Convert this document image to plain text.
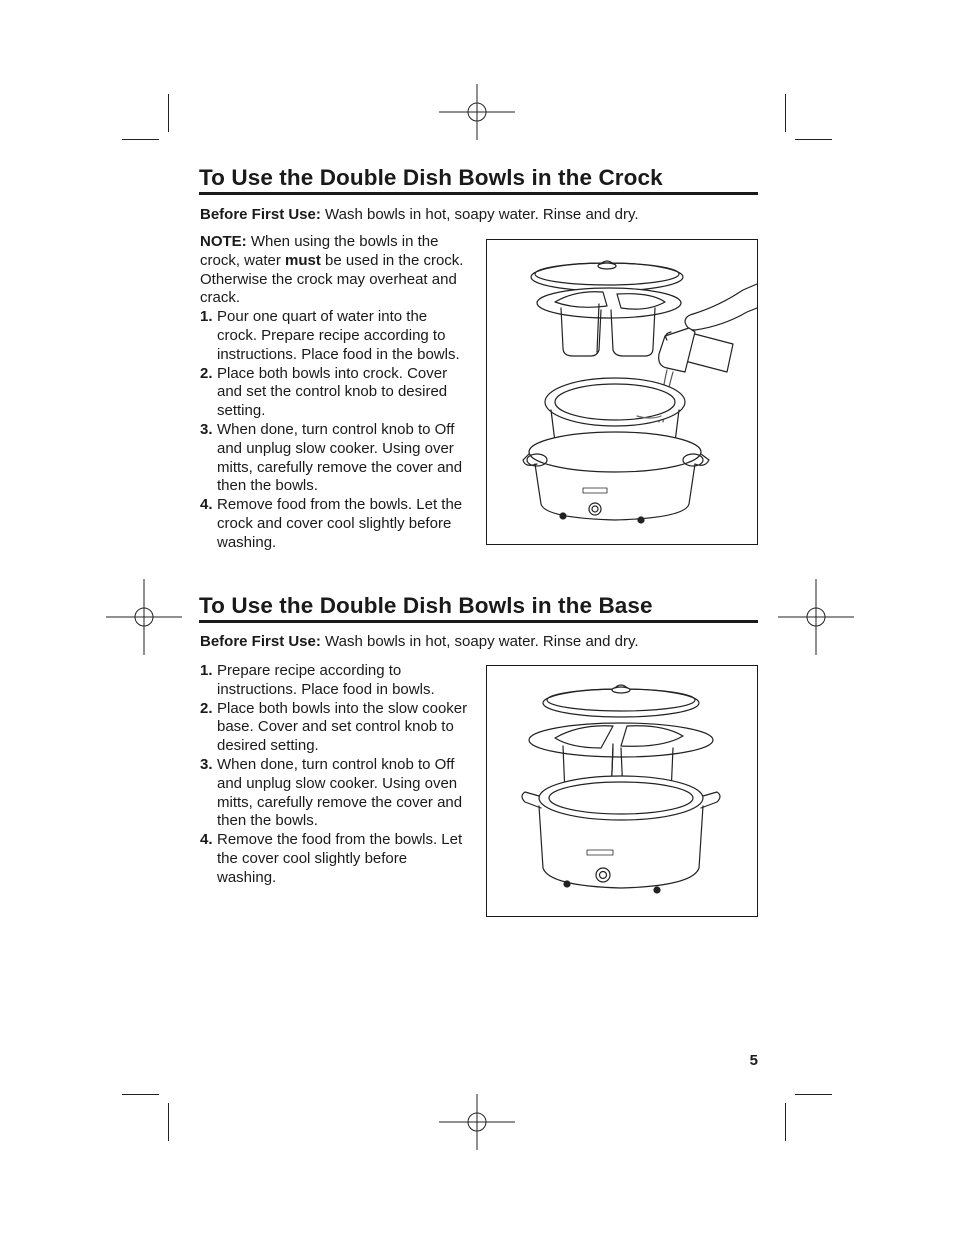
To Use the Double Dish Bowls in the Crock

Before First Use: Wash bowls in hot, soapy water. Rinse and dry.

NOTE: When using the bowls in the crock, water must be used in the crock. Otherwise the crock may overheat and crack.

1. Pour one quart of water into the crock. Prepare recipe according to instructions. Place food in the bowls.
2. Place both bowls into crock. Cover and set the control knob to desired setting.
3. When done, turn control knob to Off and unplug slow cooker. Using over mitts, carefully remove the cover and then the bowls.
4. Remove food from the bowls. Let the crock and cover cool slightly before washing.
To Use the Double Dish Bowls in the Base

Before First Use: Wash bowls in hot, soapy water. Rinse and dry.

1. Prepare recipe according to instructions. Place food in bowls.
2. Place both bowls into the slow cooker base. Cover and set control knob to desired setting.
3. When done, turn control knob to Off and unplug slow cooker. Using oven mitts, carefully remove the cover and then the bowls.
4. Remove the food from the bowls. Let the cover cool slightly before washing.
5
